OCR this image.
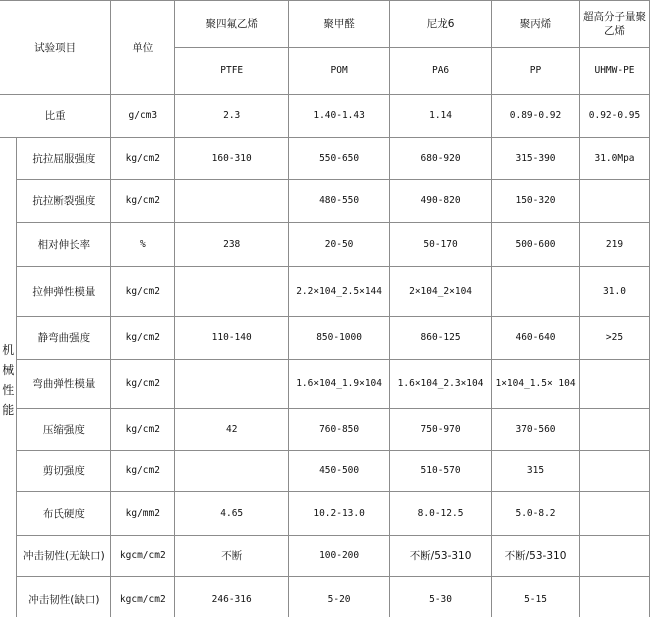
试验项目		单位	聚四氟乙烯	聚甲醛	尼龙6	聚丙烯	超高分子量聚乙烯
			PTFE	POM	PA6	PP	UHMW-PE
比重		g/cm3	2.3	1.40-1.43	1.14	0.89-0.92	0.92-0.95

机
械
性
能	抗拉屈服强度	kg/cm2	160-310	550-650	680-920	315-390	31.0Mpa
	抗拉断裂强度	kg/cm2		480-550	490-820	150-320	
	相对伸长率	%	238	20-50	50-170	500-600	219
	拉伸弹性模量	kg/cm2		2.2×104_2.5×144	2×104_2×104		31.0
	静弯曲强度	kg/cm2	110-140	850-1000	860-125	460-640	>25
	弯曲弹性模量	kg/cm2		1.6×104_1.9×104	1.6×104_2.3×104	1×104_1.5× 104	
	压缩强度	kg/cm2	42	760-850	750-970	370-560	
	剪切强度	kg/cm2		450-500	510-570	315	
	布氏硬度	kg/mm2	4.65	10.2-13.0	8.0-12.5	5.0-8.2	
	冲击韧性(无缺口)	kgcm/cm2	不断	100-200	不断/53-310	不断/53-310	
	冲击韧性(缺口)	kgcm/cm2	246-316	5-20	5-30	5-15	
